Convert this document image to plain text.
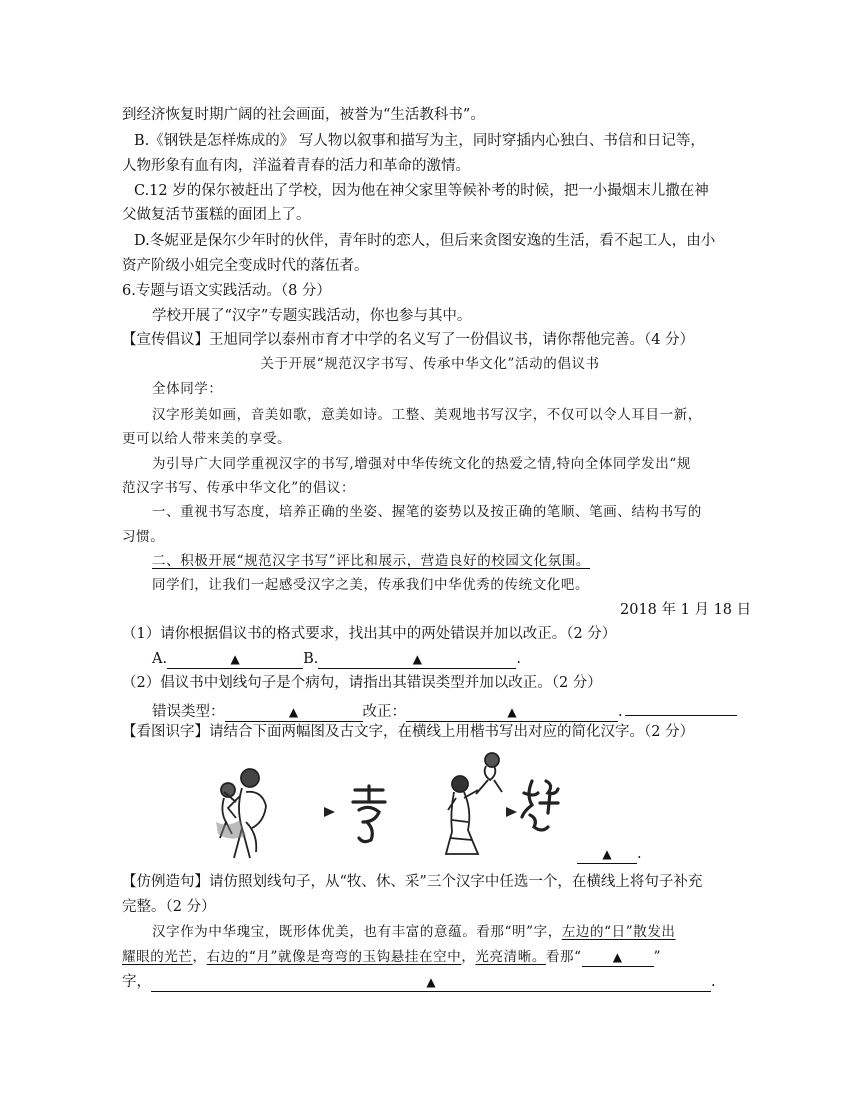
到经济恢复时期广阔的社会画面，被誉为“生活教科书”。
B.《钢铁是怎样炼成的》 写人物以叙事和描写为主，同时穿插内心独白、书信和日记等，
人物形象有血有肉，洋溢着青春的活力和革命的激情。
C.12 岁的保尔被赶出了学校，因为他在神父家里等候补考的时候，把一小撮烟末儿撒在神
父做复活节蛋糕的面团上了。
D.冬妮亚是保尔少年时的伙伴，青年时的恋人，但后来贪图安逸的生活，看不起工人，由小
资产阶级小姐完全变成时代的落伍者。
6.专题与语文实践活动。（8 分）
学校开展了“汉字”专题实践活动，你也参与其中。
【宣传倡议】王旭同学以泰州市育才中学的名义写了一份倡议书，请你帮他完善。（4 分）
关于开展“规范汉字书写、传承中华文化”活动的倡议书
全体同学：
汉字形美如画，音美如歌，意美如诗。工整、美观地书写汉字，不仅可以令人耳目一新，
更可以给人带来美的享受。
为引导广大同学重视汉字的书写,增强对中华传统文化的热爱之情,特向全体同学发出“规
范汉字书写、传承中华文化”的倡议：
一、重视书写态度，培养正确的坐姿、握笔的姿势以及按正确的笔顺、笔画、结构书写的
习惯。
二、积极开展“规范汉字书写”评比和展示，营造良好的校园文化氛围。
同学们，让我们一起感受汉字之美，传承我们中华优秀的传统文化吧。
2018 年 1 月 18 日
（1）请你根据倡议书的格式要求，找出其中的两处错误并加以改正。（2 分）
A.	▲	B.	▲	.
（2）倡议书中划线句子是个病句，请指出其错误类型并加以改正。（2 分）
错误类型：	▲	改正：	▲	.
【看图识字】请结合下面两幅图及古文字，在横线上用楷书写出对应的简化汉字。（2 分）
▲ .
【仿例造句】请仿照划线句子，从“牧、休、采”三个汉字中任选一个，在横线上将句子补充
完整。（2 分）
汉字作为中华瑰宝，既形体优美，也有丰富的意蕴。看那“明”字，左边的“日”散发出
耀眼的光芒，右边的“月”就像是弯弯的玉钩悬挂在空中，光亮清晰。看那“	▲ ”
字，	▲	.
